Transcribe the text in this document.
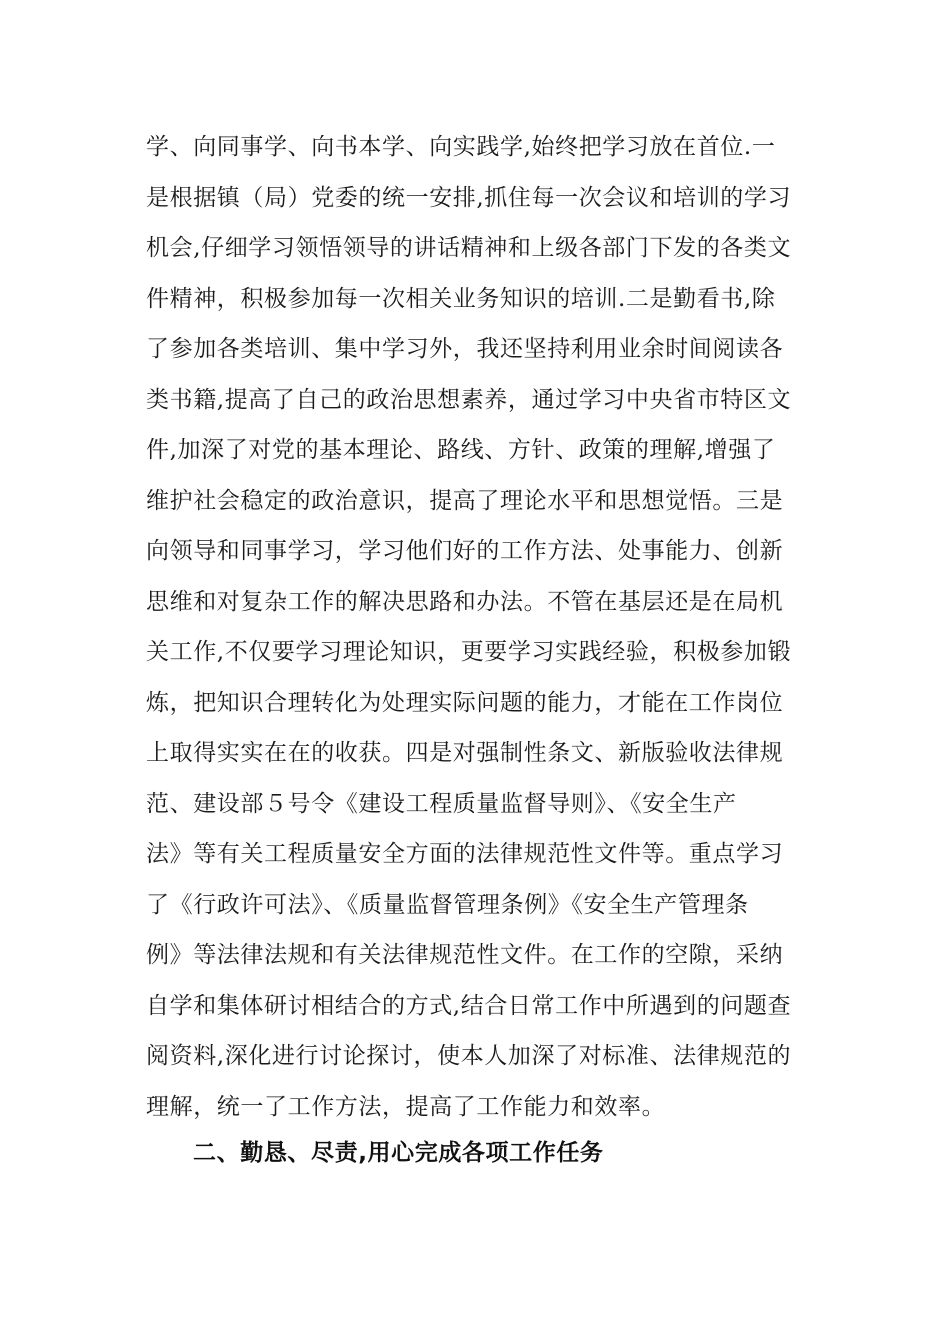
学、向同事学、向书本学、向实践学,始终把学习放在首位.一
是根据镇（局）党委的统一安排,抓住每一次会议和培训的学习
机会,仔细学习领悟领导的讲话精神和上级各部门下发的各类文
件精神，积极参加每一次相关业务知识的培训.二是勤看书,除
了参加各类培训、集中学习外，我还坚持利用业余时间阅读各
类书籍,提高了自己的政治思想素养，通过学习中央省市特区文
件,加深了对党的基本理论、路线、方针、政策的理解,增强了
维护社会稳定的政治意识，提高了理论水平和思想觉悟。三是
向领导和同事学习，学习他们好的工作方法、处事能力、创新
思维和对复杂工作的解决思路和办法。不管在基层还是在局机
关工作,不仅要学习理论知识，更要学习实践经验，积极参加锻
炼，把知识合理转化为处理实际问题的能力，才能在工作岗位
上取得实实在在的收获。四是对强制性条文、新版验收法律规
范、建设部５号令《建设工程质量监督导则》、《安全生产
法》等有关工程质量安全方面的法律规范性文件等。重点学习
了《行政许可法》、《质量监督管理条例》《安全生产管理条
例》等法律法规和有关法律规范性文件。在工作的空隙，采纳
自学和集体研讨相结合的方式,结合日常工作中所遇到的问题查
阅资料,深化进行讨论探讨，使本人加深了对标准、法律规范的
理解，统一了工作方法，提高了工作能力和效率。
二、勤恳、尽责,用心完成各项工作任务
